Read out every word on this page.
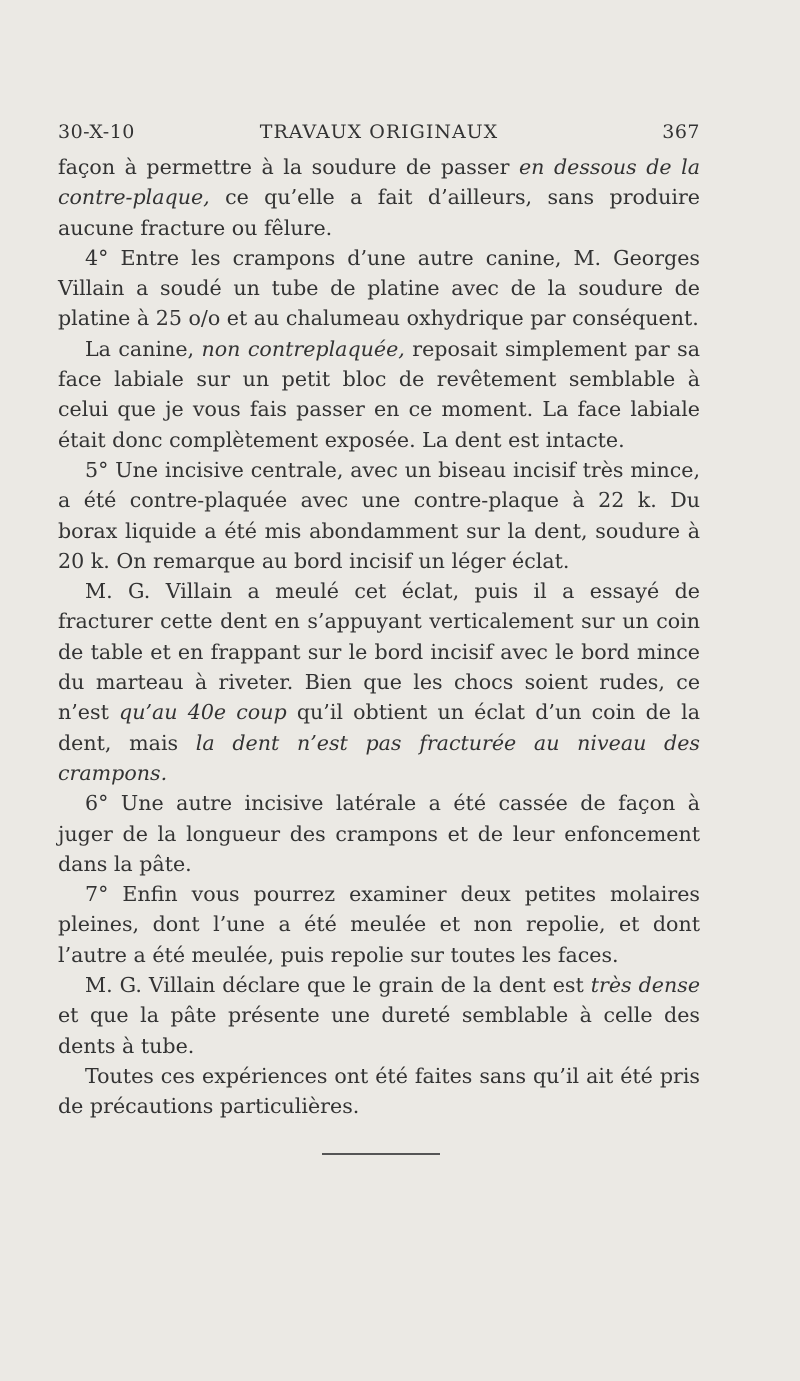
30-X-10	TRAVAUX ORIGINAUX	367

façon à permettre à la soudure de passer en dessous de la contre-plaque, ce qu’elle a fait d’ailleurs, sans produire aucune fracture ou fêlure.

4° Entre les crampons d’une autre canine, M. Georges Villain a soudé un tube de platine avec de la soudure de platine à 25 o/o et au chalumeau oxhydrique par conséquent.

La canine, non contreplaquée, reposait simplement par sa face labiale sur un petit bloc de revêtement semblable à celui que je vous fais passer en ce moment. La face labiale était donc complètement exposée. La dent est intacte.

5° Une incisive centrale, avec un biseau incisif très mince, a été contre-plaquée avec une contre-plaque à 22 k. Du borax liquide a été mis abondamment sur la dent, soudure à 20 k. On remarque au bord incisif un léger éclat.

M. G. Villain a meulé cet éclat, puis il a essayé de fracturer cette dent en s’appuyant verticalement sur un coin de table et en frappant sur le bord incisif avec le bord mince du marteau à riveter. Bien que les chocs soient rudes, ce n’est qu’au 40e coup qu’il obtient un éclat d’un coin de la dent, mais la dent n’est pas fracturée au niveau des crampons.

6° Une autre incisive latérale a été cassée de façon à juger de la longueur des crampons et de leur enfoncement dans la pâte.

7° Enfin vous pourrez examiner deux petites molaires pleines, dont l’une a été meulée et non repolie, et dont l’autre a été meulée, puis repolie sur toutes les faces.

M. G. Villain déclare que le grain de la dent est très dense et que la pâte présente une dureté semblable à celle des dents à tube.

Toutes ces expériences ont été faites sans qu’il ait été pris de précautions particulières.
